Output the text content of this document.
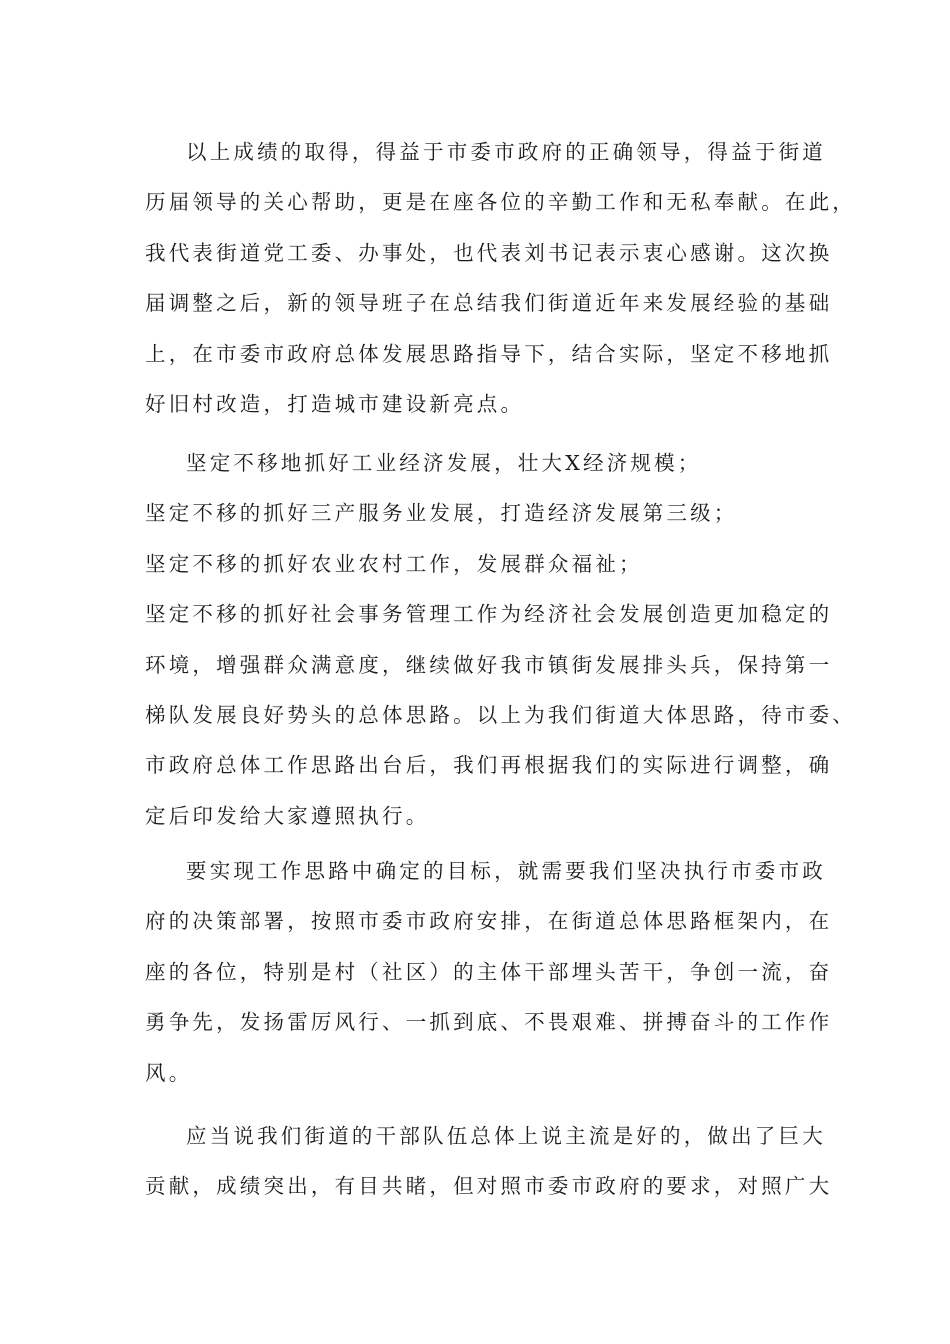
以上成绩的取得，得益于市委市政府的正确领导，得益于街道
历届领导的关心帮助，更是在座各位的辛勤工作和无私奉献。在此，
我代表街道党工委、办事处，也代表刘书记表示衷心感谢。这次换
届调整之后，新的领导班子在总结我们街道近年来发展经验的基础
上，在市委市政府总体发展思路指导下，结合实际，坚定不移地抓
好旧村改造，打造城市建设新亮点。
坚定不移地抓好工业经济发展，壮大X经济规模；
坚定不移的抓好三产服务业发展，打造经济发展第三级；
坚定不移的抓好农业农村工作，发展群众福祉；
坚定不移的抓好社会事务管理工作为经济社会发展创造更加稳定的
环境，增强群众满意度，继续做好我市镇街发展排头兵，保持第一
梯队发展良好势头的总体思路。以上为我们街道大体思路，待市委、
市政府总体工作思路出台后，我们再根据我们的实际进行调整，确
定后印发给大家遵照执行。
要实现工作思路中确定的目标，就需要我们坚决执行市委市政
府的决策部署，按照市委市政府安排，在街道总体思路框架内，在
座的各位，特别是村（社区）的主体干部埋头苦干，争创一流，奋
勇争先，发扬雷厉风行、一抓到底、不畏艰难、拼搏奋斗的工作作
风。
应当说我们街道的干部队伍总体上说主流是好的，做出了巨大
贡献，成绩突出，有目共睹，但对照市委市政府的要求，对照广大
